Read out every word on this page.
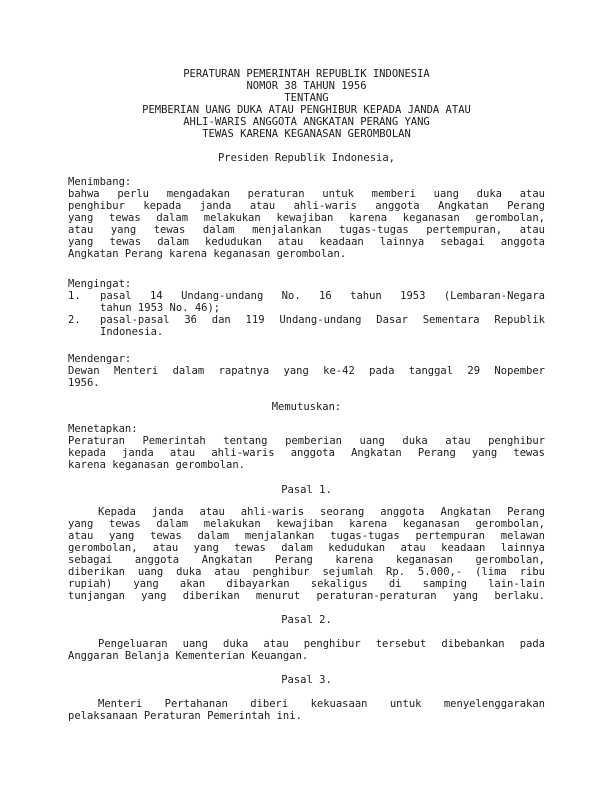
PERATURAN PEMERINTAH REPUBLIK INDONESIA
NOMOR 38 TAHUN 1956
TENTANG
PEMBERIAN UANG DUKA ATAU PENGHIBUR KEPADA JANDA ATAU
AHLI-WARIS ANGGOTA ANGKATAN PERANG YANG
TEWAS KARENA KEGANASAN GEROMBOLAN
Presiden Republik Indonesia,
Menimbang:
bahwa perlu mengadakan peraturan untuk memberi uang duka atau
penghibur kepada janda atau ahli-waris anggota Angkatan Perang
yang tewas dalam melakukan kewajiban karena keganasan gerombolan,
atau yang tewas dalam menjalankan tugas-tugas pertempuran, atau
yang tewas dalam kedudukan atau keadaan lainnya sebagai anggota
Angkatan Perang karena keganasan gerombolan.
Mengingat:
1. pasal 14 Undang-undang No. 16 tahun 1953 (Lembaran-Negara
tahun 1953 No. 46);
2. pasal-pasal 36 dan 119 Undang-undang Dasar Sementara Republik
Indonesia.
Mendengar:
Dewan Menteri dalam rapatnya yang ke-42 pada tanggal 29 Nopember
1956.
Memutuskan:
Menetapkan:
Peraturan Pemerintah tentang pemberian uang duka atau penghibur
kepada janda atau ahli-waris anggota Angkatan Perang yang tewas
karena keganasan gerombolan.
Pasal 1.
Kepada janda atau ahli-waris seorang anggota Angkatan Perang
yang tewas dalam melakukan kewajiban karena keganasan gerombolan,
atau yang tewas dalam menjalankan tugas-tugas pertempuran melawan
gerombolan, atau yang tewas dalam kedudukan atau keadaan lainnya
sebagai anggota Angkatan Perang karena keganasan gerombolan,
diberikan uang duka atau penghibur sejumlah Rp. 5.000,- (lima ribu
rupiah) yang akan dibayarkan sekaligus di samping lain-lain
tunjangan yang diberikan menurut peraturan-peraturan yang berlaku.
Pasal 2.
Pengeluaran uang duka atau penghibur tersebut dibebankan pada
Anggaran Belanja Kementerian Keuangan.
Pasal 3.
Menteri Pertahanan diberi kekuasaan untuk menyelenggarakan
pelaksanaan Peraturan Pemerintah ini.
